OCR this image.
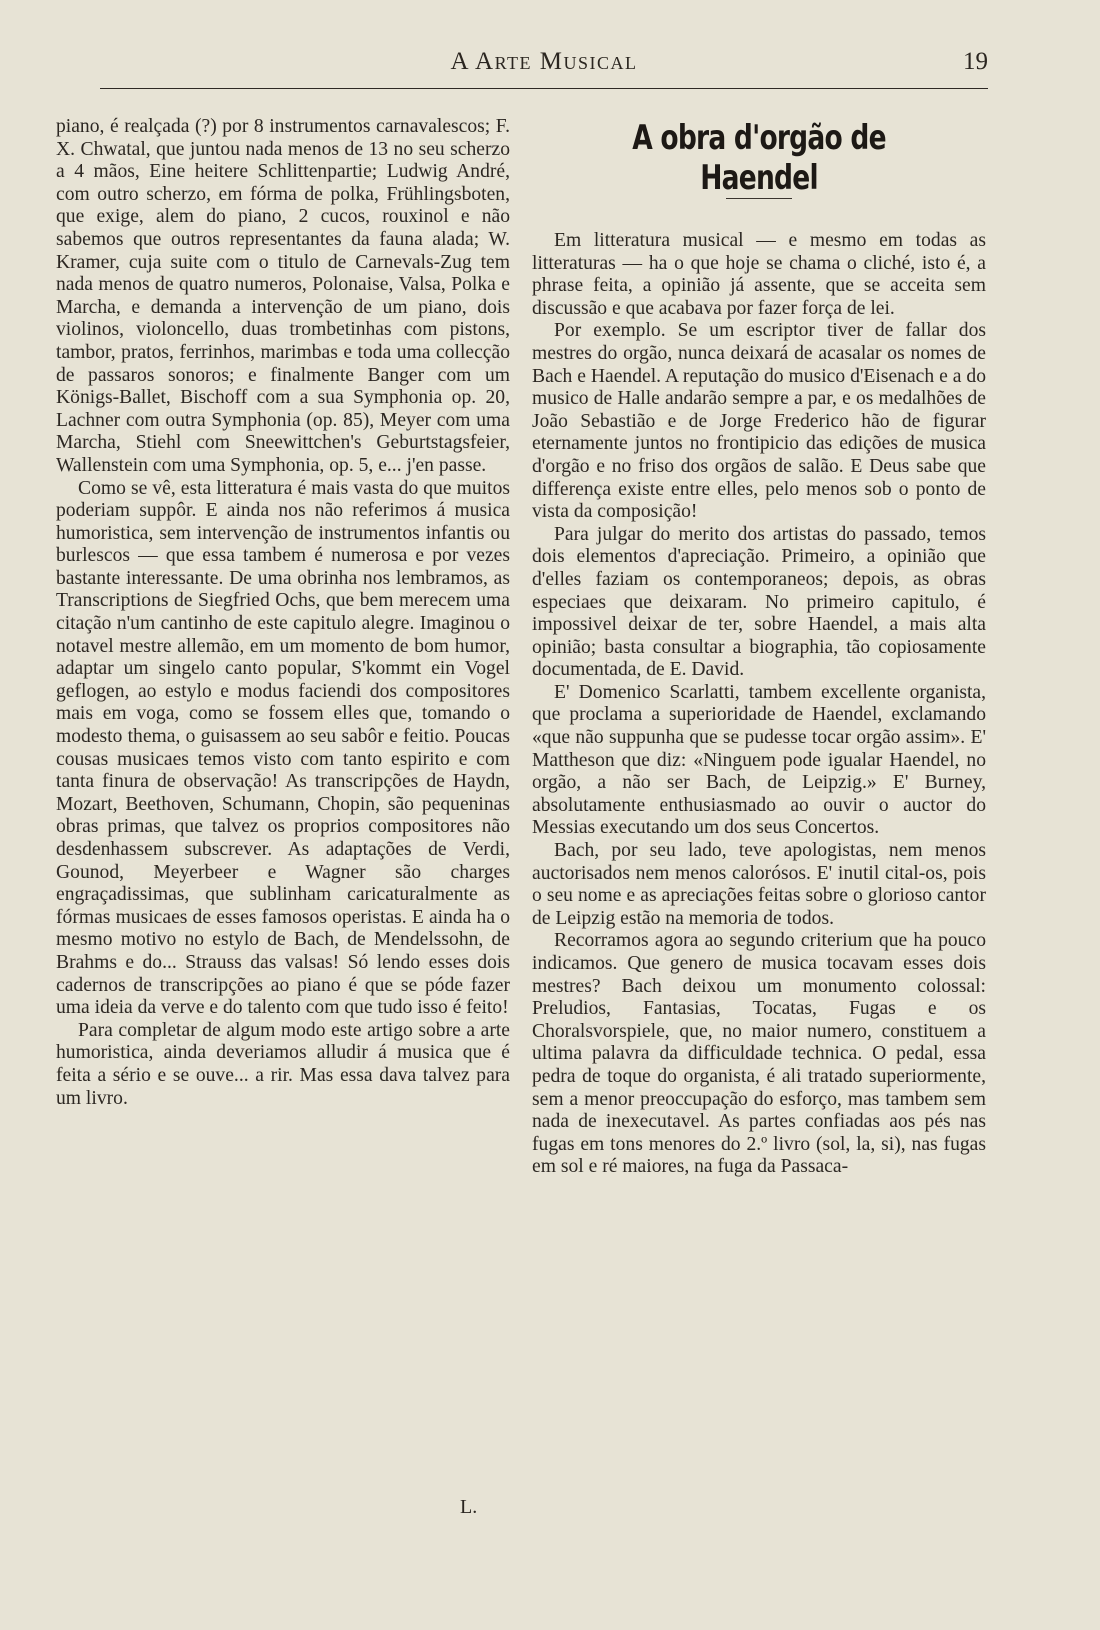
A Arte Musical	19

piano, é realçada (?) por 8 instrumentos carnavalescos; F. X. Chwatal, que juntou nada menos de 13 no seu scherzo a 4 mãos, Eine heitere Schlittenpartie; Ludwig André, com outro scherzo, em fórma de polka, Frühlingsboten, que exige, alem do piano, 2 cucos, rouxinol e não sabemos que outros representantes da fauna alada; W. Kramer, cuja suite com o titulo de Carnevals-Zug tem nada menos de quatro numeros, Polonaise, Valsa, Polka e Marcha, e demanda a intervenção de um piano, dois violinos, violoncello, duas trombetinhas com pistons, tambor, pratos, ferrinhos, marimbas e toda uma collecção de passaros sonoros; e finalmente Banger com um Königs-Ballet, Bischoff com a sua Symphonia op. 20, Lachner com outra Symphonia (op. 85), Meyer com uma Marcha, Stiehl com Sneewittchen's Geburtstagsfeier, Wallenstein com uma Symphonia, op. 5, e... j'en passe.

Como se vê, esta litteratura é mais vasta do que muitos poderiam suppôr. E ainda nos não referimos á musica humoristica, sem intervenção de instrumentos infantis ou burlescos — que essa tambem é numerosa e por vezes bastante interessante. De uma obrinha nos lembramos, as Transcriptions de Siegfried Ochs, que bem merecem uma citação n'um cantinho de este capitulo alegre. Imaginou o notavel mestre allemão, em um momento de bom humor, adaptar um singelo canto popular, S'kommt ein Vogel geflogen, ao estylo e modus faciendi dos compositores mais em voga, como se fossem elles que, tomando o modesto thema, o guisassem ao seu sabôr e feitio. Poucas cousas musicaes temos visto com tanto espirito e com tanta finura de observação! As transcripções de Haydn, Mozart, Beethoven, Schumann, Chopin, são pequeninas obras primas, que talvez os proprios compositores não desdenhassem subscrever. As adaptações de Verdi, Gounod, Meyerbeer e Wagner são charges engraçadissimas, que sublinham caricaturalmente as fórmas musicaes de esses famosos operistas. E ainda ha o mesmo motivo no estylo de Bach, de Mendelssohn, de Brahms e do... Strauss das valsas! Só lendo esses dois cadernos de transcripções ao piano é que se póde fazer uma ideia da verve e do talento com que tudo isso é feito!

Para completar de algum modo este artigo sobre a arte humoristica, ainda deveriamos alludir á musica que é feita a sério e se ouve... a rir. Mas essa dava talvez para um livro.

L.
A obra d'orgão de Haendel

Em litteratura musical — e mesmo em todas as litteraturas — ha o que hoje se chama o cliché, isto é, a phrase feita, a opinião já assente, que se acceita sem discussão e que acabava por fazer força de lei.

Por exemplo. Se um escriptor tiver de fallar dos mestres do orgão, nunca deixará de acasalar os nomes de Bach e Haendel. A reputação do musico d'Eisenach e a do musico de Halle andarão sempre a par, e os medalhões de João Sebastião e de Jorge Frederico hão de figurar eternamente juntos no frontipicio das edições de musica d'orgão e no friso dos orgãos de salão. E Deus sabe que differença existe entre elles, pelo menos sob o ponto de vista da composição!

Para julgar do merito dos artistas do passado, temos dois elementos d'apreciação. Primeiro, a opinião que d'elles faziam os contemporaneos; depois, as obras especiaes que deixaram. No primeiro capitulo, é impossivel deixar de ter, sobre Haendel, a mais alta opinião; basta consultar a biographia, tão copiosamente documentada, de E. David.

E' Domenico Scarlatti, tambem excellente organista, que proclama a superioridade de Haendel, exclamando «que não suppunha que se pudesse tocar orgão assim». E' Mattheson que diz: «Ninguem pode igualar Haendel, no orgão, a não ser Bach, de Leipzig.» E' Burney, absolutamente enthusiasmado ao ouvir o auctor do Messias executando um dos seus Concertos.

Bach, por seu lado, teve apologistas, nem menos auctorisados nem menos calorósos. E' inutil cital-os, pois o seu nome e as apreciações feitas sobre o glorioso cantor de Leipzig estão na memoria de todos.

Recorramos agora ao segundo criterium que ha pouco indicamos. Que genero de musica tocavam esses dois mestres? Bach deixou um monumento colossal: Preludios, Fantasias, Tocatas, Fugas e os Choralsvorspiele, que, no maior numero, constituem a ultima palavra da difficuldade technica. O pedal, essa pedra de toque do organista, é ali tratado superiormente, sem a menor preoccupação do esforço, mas tambem sem nada de inexecutavel. As partes confiadas aos pés nas fugas em tons menores do 2.º livro (sol, la, si), nas fugas em sol e ré maiores, na fuga da Passaca-
